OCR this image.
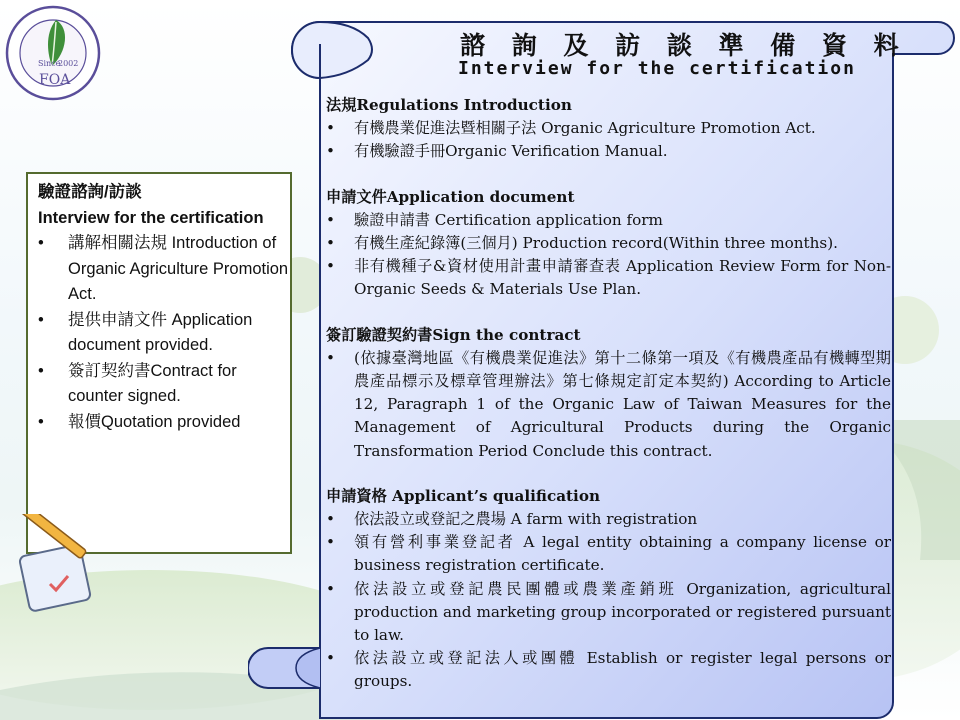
Since
2002
FOA
諮 詢 及 訪 談 準 備 資 料
Interview for the certification
法規Regulations Introduction
• 有機農業促進法暨相關子法 Organic Agriculture Promotion Act.
• 有機驗證手冊Organic Verification Manual.
申請文件Application document
• 驗證申請書 Certification application form
• 有機生產紀錄簿(三個月) Production record(Within three months).
• 非有機種子&資材使用計畫申請審查表 Application Review Form for Non-Organic Seeds & Materials Use Plan.
簽訂驗證契約書Sign the contract
• (依據臺灣地區《有機農業促進法》第十二條第一項及《有機農產品有機轉型期農產品標示及標章管理辦法》第七條規定訂定本契約) According to Article 12, Paragraph 1 of the Organic Law of Taiwan Measures for the Management of Agricultural Products during the Organic Transformation Period Conclude this contract.
申請資格 Applicant’s qualification
• 依法設立或登記之農場 A farm with registration
• 領有營利事業登記者 A legal entity obtaining a company license or business registration certificate.
• 依法設立或登記農民團體或農業產銷班 Organization, agricultural production and marketing group incorporated or registered pursuant to law.
• 依法設立或登記法人或團體 Establish or register legal persons or groups.
驗證諮詢/訪談
Interview for the certification
• 講解相關法規 Introduction of Organic Agriculture Promotion Act.
• 提供申請文件 Application document provided.
• 簽訂契約書Contract for counter signed.
• 報價Quotation provided
